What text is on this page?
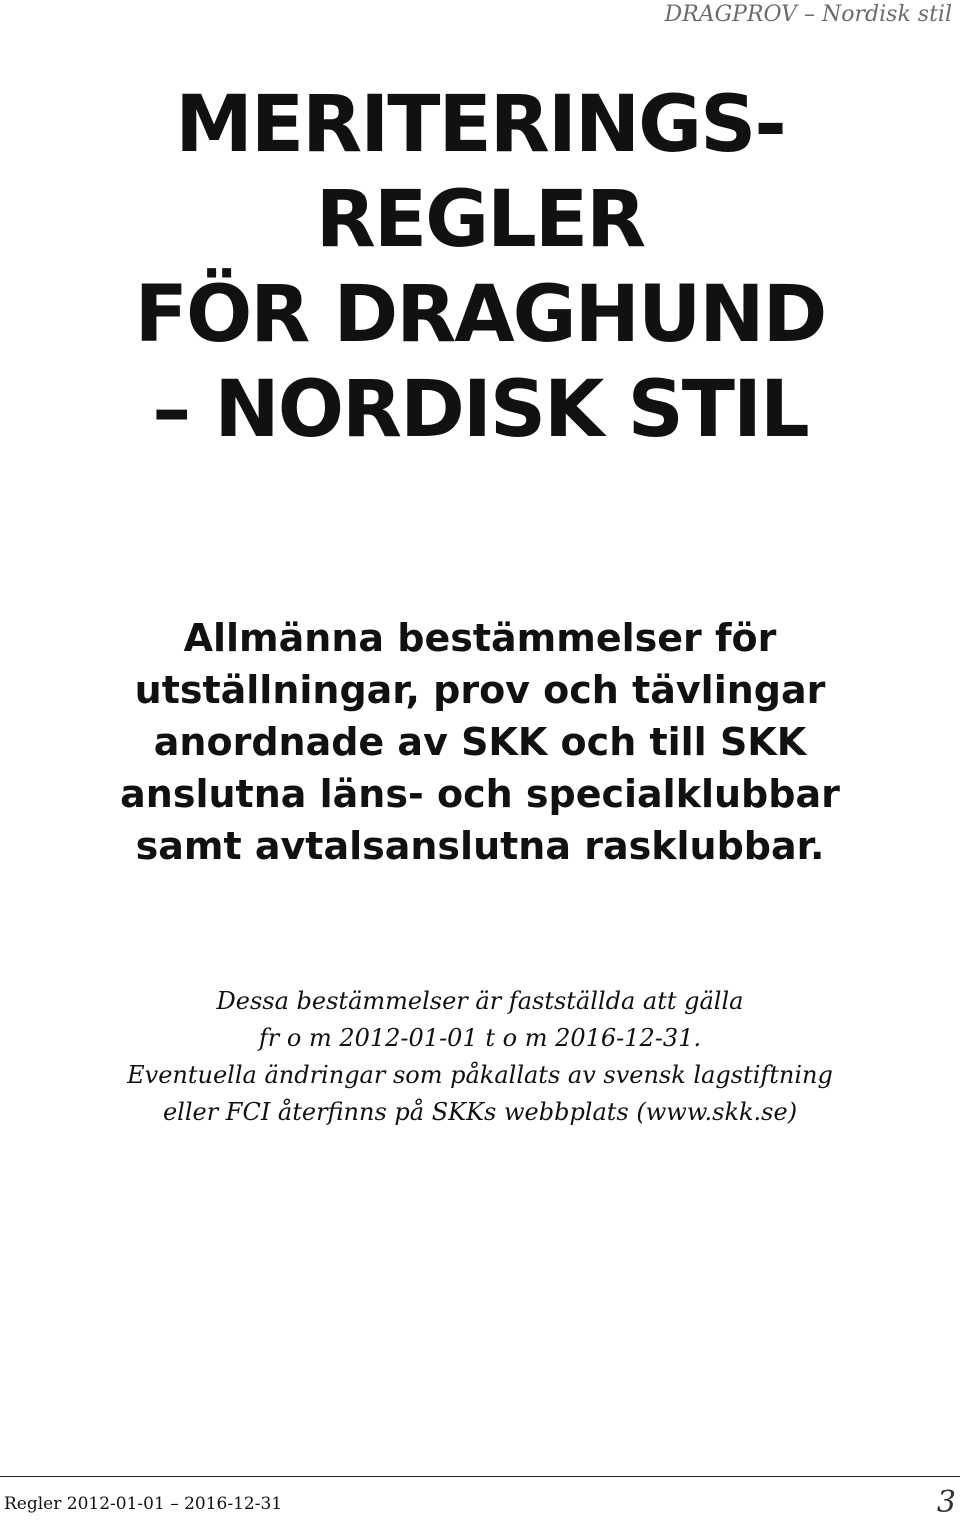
DRAGPROV – Nordisk stil
MERITERINGS-
REGLER
FÖR DRAGHUND
– NORDISK STIL

Allmänna bestämmelser för
utställningar, prov och tävlingar
anordnade av SKK och till SKK
anslutna läns- och specialklubbar
samt avtalsanslutna rasklubbar.

Dessa bestämmelser är fastställda att gälla
fr o m 2012-01-01 t o m 2016-12-31.
Eventuella ändringar som påkallats av svensk lagstiftning
eller FCI återfinns på SKKs webbplats (www.skk.se)

Regler 2012-01-01 – 2016-12-31	3
